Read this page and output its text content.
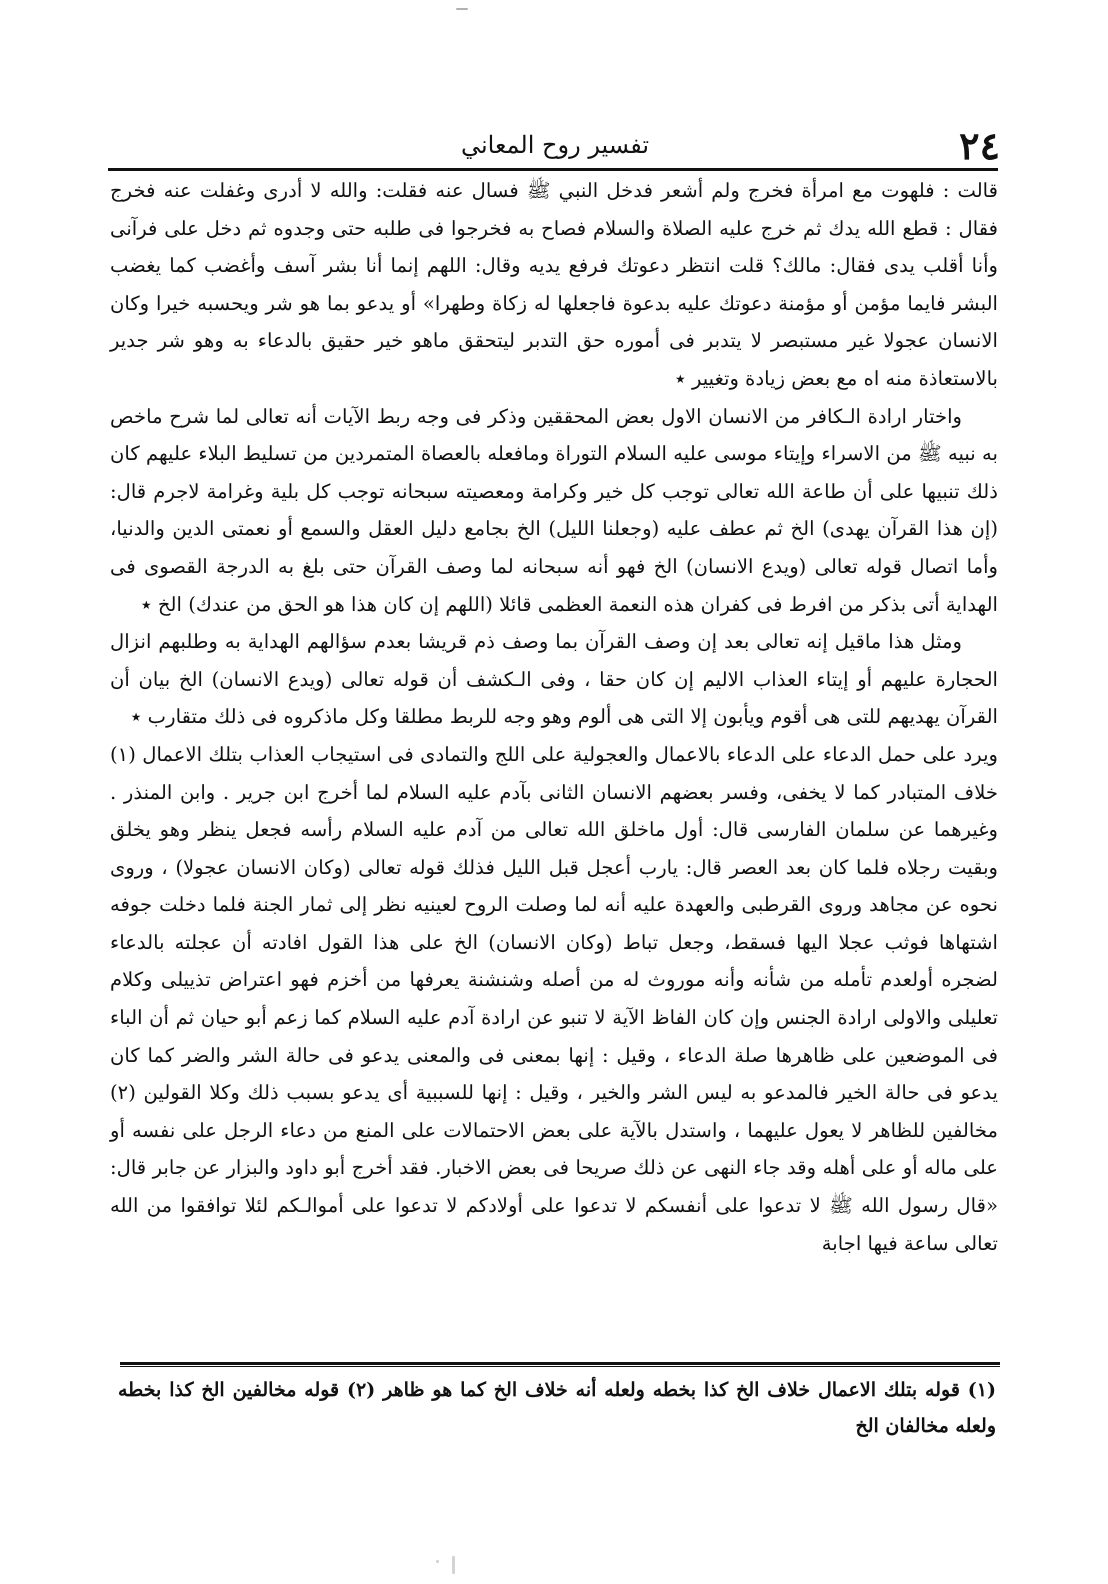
٢٤
تفسير روح المعاني

قالت : فلهوت مع امرأة فخرج ولم أشعر فدخل النبي ﷺ فسال عنه فقلت: والله لا أدرى وغفلت عنه فخرج فقال : قطع الله يدك ثم خرج عليه الصلاة والسلام فصاح به فخرجوا فى طلبه حتى وجدوه ثم دخل على فرآنى وأنا أقلب يدى فقال: مالك؟ قلت انتظر دعوتك فرفع يديه وقال: اللهم إنما أنا بشر آسف وأغضب كما يغضب البشر فايما مؤمن أو مؤمنة دعوتك عليه بدعوة فاجعلها له زكاة وطهرا» أو يدعو بما هو شر ويحسبه خيرا وكان الانسان عجولا غير مستبصر لا يتدبر فى أموره حق التدبر ليتحقق ماهو خير حقيق بالدعاء به وهو شر جدير بالاستعاذة منه اه مع بعض زيادة وتغيير ٭

واختار ارادة الـكافر من الانسان الاول بعض المحققين وذكر فى وجه ربط الآيات أنه تعالى لما شرح ماخص به نبيه ﷺ من الاسراء وإيتاء موسى عليه السلام التوراة ومافعله بالعصاة المتمردين من تسليط البلاء عليهم كان ذلك تنبيها على أن طاعة الله تعالى توجب كل خير وكرامة ومعصيته سبحانه توجب كل بلية وغرامة لاجرم قال: (إن هذا القرآن يهدى) الخ ثم عطف عليه (وجعلنا الليل) الخ بجامع دليل العقل والسمع أو نعمتى الدين والدنيا، وأما اتصال قوله تعالى (ويدع الانسان) الخ فهو أنه سبحانه لما وصف القرآن حتى بلغ به الدرجة القصوى فى الهداية أتى بذكر من افرط فى كفران هذه النعمة العظمى قائلا (اللهم إن كان هذا هو الحق من عندك) الخ ٭

ومثل هذا ماقيل إنه تعالى بعد إن وصف القرآن بما وصف ذم قريشا بعدم سؤالهم الهداية به وطلبهم انزال الحجارة عليهم أو إيتاء العذاب الاليم إن كان حقا ، وفى الـكشف أن قوله تعالى (ويدع الانسان) الخ بيان أن القرآن يهديهم للتى هى أقوم ويأبون إلا التى هى ألوم وهو وجه للربط مطلقا وكل ماذكروه فى ذلك متقارب ٭

ويرد على حمل الدعاء على الدعاء بالاعمال والعجولية على اللج والتمادى فى استيجاب العذاب بتلك الاعمال (١) خلاف المتبادر كما لا يخفى، وفسر بعضهم الانسان الثانى بآدم عليه السلام لما أخرج ابن جرير . وابن المنذر . وغيرهما عن سلمان الفارسى قال: أول ماخلق الله تعالى من آدم عليه السلام رأسه فجعل ينظر وهو يخلق وبقيت رجلاه فلما كان بعد العصر قال: يارب أعجل قبل الليل فذلك قوله تعالى (وكان الانسان عجولا) ، وروى نحوه عن مجاهد وروى القرطبى والعهدة عليه أنه لما وصلت الروح لعينيه نظر إلى ثمار الجنة فلما دخلت جوفه اشتهاها فوثب عجلا اليها فسقط، وجعل تباط (وكان الانسان) الخ على هذا القول افادته أن عجلته بالدعاء لضجره أولعدم تأمله من شأنه وأنه موروث له من أصله وشنشنة يعرفها من أخزم فهو اعتراض تذييلى وكلام تعليلى والاولى ارادة الجنس وإن كان الفاظ الآية لا تنبو عن ارادة آدم عليه السلام كما زعم أبو حيان ثم أن الباء فى الموضعين على ظاهرها صلة الدعاء ، وقيل : إنها بمعنى فى والمعنى يدعو فى حالة الشر والضر كما كان يدعو فى حالة الخير فالمدعو به ليس الشر والخير ، وقيل : إنها للسببية أى يدعو بسبب ذلك وكلا القولين (٢) مخالفين للظاهر لا يعول عليهما ، واستدل بالآية على بعض الاحتمالات على المنع من دعاء الرجل على نفسه أو على ماله أو على أهله وقد جاء النهى عن ذلك صريحا فى بعض الاخبار. فقد أخرج أبو داود والبزار عن جابر قال: «قال رسول الله ﷺ لا تدعوا على أنفسكم لا تدعوا على أولادكم لا تدعوا على أموالـكم لئلا توافقوا من الله تعالى ساعة فيها اجابة

(١) قوله بتلك الاعمال خلاف الخ كذا بخطه ولعله أنه خلاف الخ كما هو ظاهر (٢) قوله مخالفين الخ كذا بخطه ولعله مخالفان الخ
